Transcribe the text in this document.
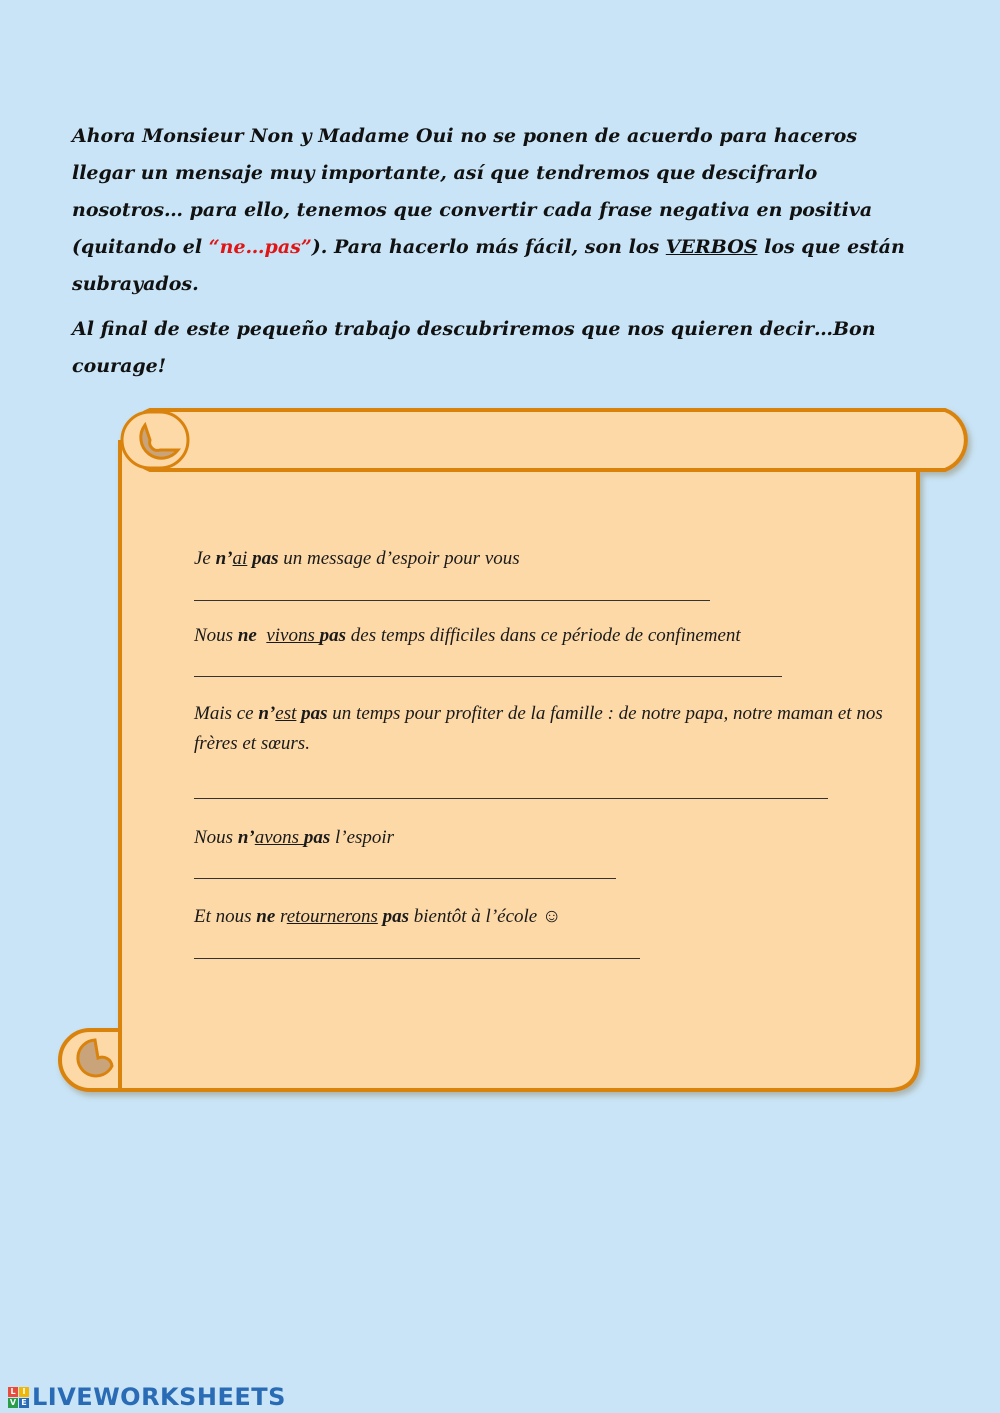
Ahora Monsieur Non y Madame Oui no se ponen de acuerdo para haceros llegar un mensaje muy importante, así que tendremos que descifrarlo nosotros… para ello, tenemos que convertir cada frase negativa en positiva (quitando el “ne…pas”). Para hacerlo más fácil, son los VERBOS los que están subrayados.

Al final de este pequeño trabajo descubriremos que nos quieren decir…Bon courage!

Je n’ai pas un message d’espoir pour vous
Nous ne vivons pas des temps difficiles dans ce période de confinement
Mais ce n’est pas un temps pour profiter de la famille : de notre papa, notre maman et nos frères et sœurs.
Nous n’avons pas l’espoir
Et nous ne retournerons pas bientôt à l’école ☺
L I
V E LIVEWORKSHEETS
